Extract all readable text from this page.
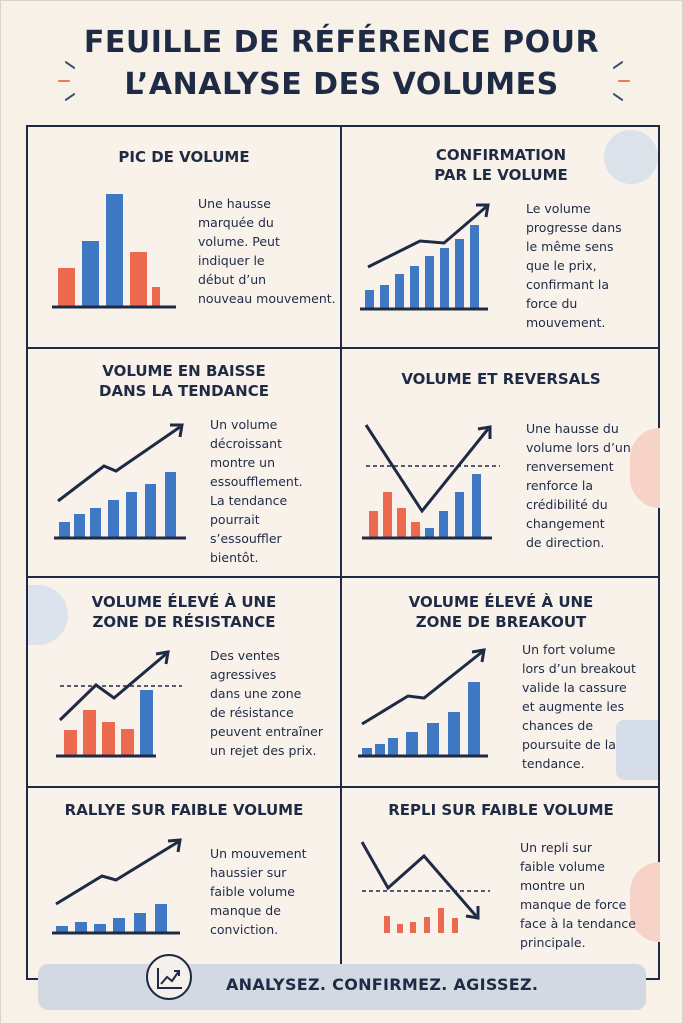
FEUILLE DE RÉFÉRENCE POUR
L’ANALYSE DES VOLUMES
PIC DE VOLUME
Une hausse
marquée du
volume. Peut
indiquer le
début d’un
nouveau mouvement.
CONFIRMATION
PAR LE VOLUME
Le volume
progresse dans
le même sens
que le prix,
confirmant la
force du
mouvement.
VOLUME EN BAISSE
DANS LA TENDANCE
Un volume
décroissant
montre un
essoufflement.
La tendance
pourrait
s’essouffler
bientôt.
VOLUME ET REVERSALS
Une hausse du
volume lors d’un
renversement
renforce la
crédibilité du
changement
de direction.
VOLUME ÉLEVÉ À UNE
ZONE DE RÉSISTANCE
Des ventes
agressives
dans une zone
de résistance
peuvent entraîner
un rejet des prix.
VOLUME ÉLEVÉ À UNE
ZONE DE BREAKOUT
Un fort volume
lors d’un breakout
valide la cassure
et augmente les
chances de
poursuite de la
tendance.
RALLYE SUR FAIBLE VOLUME
Un mouvement
haussier sur
faible volume
manque de
conviction.
REPLI SUR FAIBLE VOLUME
Un repli sur
faible volume
montre un
manque de force
face à la tendance
principale.
ANALYSEZ. CONFIRMEZ. AGISSEZ.
